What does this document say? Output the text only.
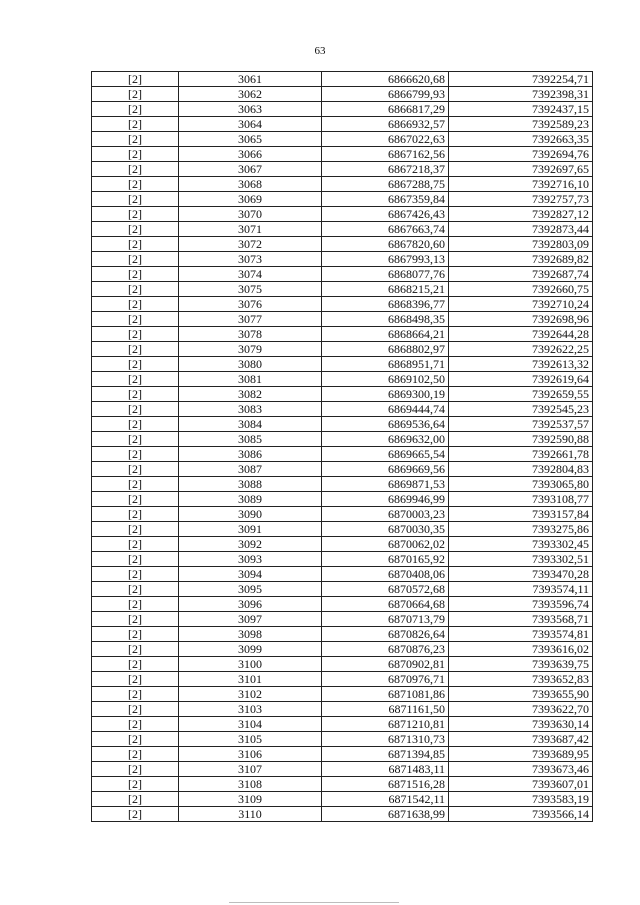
63
[2]	3061	6866620,68	7392254,71
[2]	3062	6866799,93	7392398,31
[2]	3063	6866817,29	7392437,15
[2]	3064	6866932,57	7392589,23
[2]	3065	6867022,63	7392663,35
[2]	3066	6867162,56	7392694,76
[2]	3067	6867218,37	7392697,65
[2]	3068	6867288,75	7392716,10
[2]	3069	6867359,84	7392757,73
[2]	3070	6867426,43	7392827,12
[2]	3071	6867663,74	7392873,44
[2]	3072	6867820,60	7392803,09
[2]	3073	6867993,13	7392689,82
[2]	3074	6868077,76	7392687,74
[2]	3075	6868215,21	7392660,75
[2]	3076	6868396,77	7392710,24
[2]	3077	6868498,35	7392698,96
[2]	3078	6868664,21	7392644,28
[2]	3079	6868802,97	7392622,25
[2]	3080	6868951,71	7392613,32
[2]	3081	6869102,50	7392619,64
[2]	3082	6869300,19	7392659,55
[2]	3083	6869444,74	7392545,23
[2]	3084	6869536,64	7392537,57
[2]	3085	6869632,00	7392590,88
[2]	3086	6869665,54	7392661,78
[2]	3087	6869669,56	7392804,83
[2]	3088	6869871,53	7393065,80
[2]	3089	6869946,99	7393108,77
[2]	3090	6870003,23	7393157,84
[2]	3091	6870030,35	7393275,86
[2]	3092	6870062,02	7393302,45
[2]	3093	6870165,92	7393302,51
[2]	3094	6870408,06	7393470,28
[2]	3095	6870572,68	7393574,11
[2]	3096	6870664,68	7393596,74
[2]	3097	6870713,79	7393568,71
[2]	3098	6870826,64	7393574,81
[2]	3099	6870876,23	7393616,02
[2]	3100	6870902,81	7393639,75
[2]	3101	6870976,71	7393652,83
[2]	3102	6871081,86	7393655,90
[2]	3103	6871161,50	7393622,70
[2]	3104	6871210,81	7393630,14
[2]	3105	6871310,73	7393687,42
[2]	3106	6871394,85	7393689,95
[2]	3107	6871483,11	7393673,46
[2]	3108	6871516,28	7393607,01
[2]	3109	6871542,11	7393583,19
[2]	3110	6871638,99	7393566,14
